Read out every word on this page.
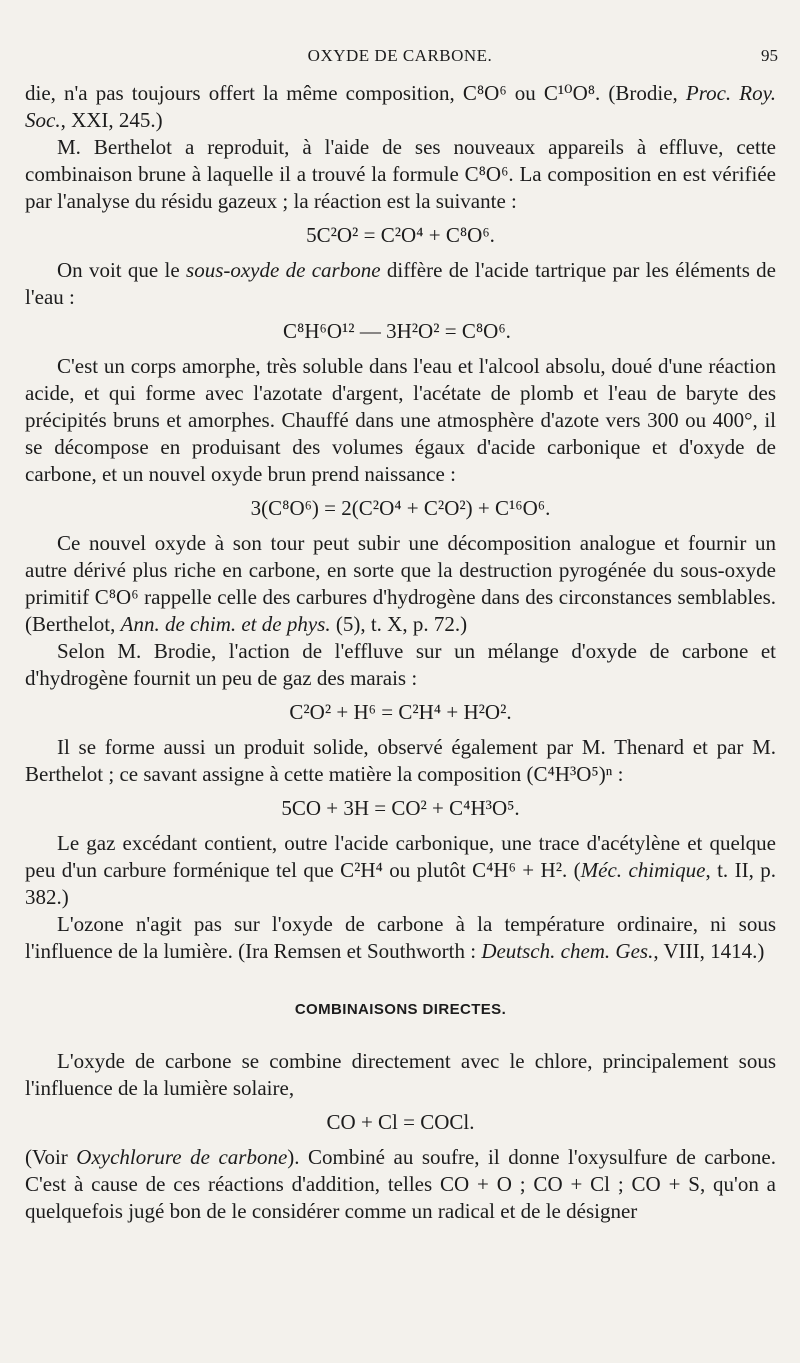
OXYDE DE CARBONE.	95

die, n'a pas toujours offert la même composition, C⁸O⁶ ou C¹⁰O⁸. (Brodie, Proc. Roy. Soc., XXI, 245.)

M. Berthelot a reproduit, à l'aide de ses nouveaux appareils à effluve, cette combinaison brune à laquelle il a trouvé la formule C⁸O⁶. La composition en est vérifiée par l'analyse du résidu gazeux ; la réaction est la suivante :

5C²O² = C²O⁴ + C⁸O⁶.

On voit que le sous-oxyde de carbone diffère de l'acide tartrique par les éléments de l'eau :

C⁸H⁶O¹² — 3H²O² = C⁸O⁶.

C'est un corps amorphe, très soluble dans l'eau et l'alcool absolu, doué d'une réaction acide, et qui forme avec l'azotate d'argent, l'acétate de plomb et l'eau de baryte des précipités bruns et amorphes. Chauffé dans une atmosphère d'azote vers 300 ou 400°, il se décompose en produisant des volumes égaux d'acide carbonique et d'oxyde de carbone, et un nouvel oxyde brun prend naissance :

3(C⁸O⁶) = 2(C²O⁴ + C²O²) + C¹⁶O⁶.

Ce nouvel oxyde à son tour peut subir une décomposition analogue et fournir un autre dérivé plus riche en carbone, en sorte que la destruction pyrogénée du sous-oxyde primitif C⁸O⁶ rappelle celle des carbures d'hydrogène dans des circonstances semblables. (Berthelot, Ann. de chim. et de phys. (5), t. X, p. 72.)

Selon M. Brodie, l'action de l'effluve sur un mélange d'oxyde de carbone et d'hydrogène fournit un peu de gaz des marais :

C²O² + H⁶ = C²H⁴ + H²O².

Il se forme aussi un produit solide, observé également par M. Thenard et par M. Berthelot ; ce savant assigne à cette matière la composition (C⁴H³O⁵)ⁿ :

5CO + 3H = CO² + C⁴H³O⁵.

Le gaz excédant contient, outre l'acide carbonique, une trace d'acétylène et quelque peu d'un carbure forménique tel que C²H⁴ ou plutôt C⁴H⁶ + H². (Méc. chimique, t. II, p. 382.)

L'ozone n'agit pas sur l'oxyde de carbone à la température ordinaire, ni sous l'influence de la lumière. (Ira Remsen et Southworth : Deutsch. chem. Ges., VIII, 1414.)

COMBINAISONS DIRECTES.

L'oxyde de carbone se combine directement avec le chlore, principalement sous l'influence de la lumière solaire,

CO + Cl = COCl.

(Voir Oxychlorure de carbone). Combiné au soufre, il donne l'oxysulfure de carbone. C'est à cause de ces réactions d'addition, telles CO + O ; CO + Cl ; CO + S, qu'on a quelquefois jugé bon de le considérer comme un radical et de le désigner
